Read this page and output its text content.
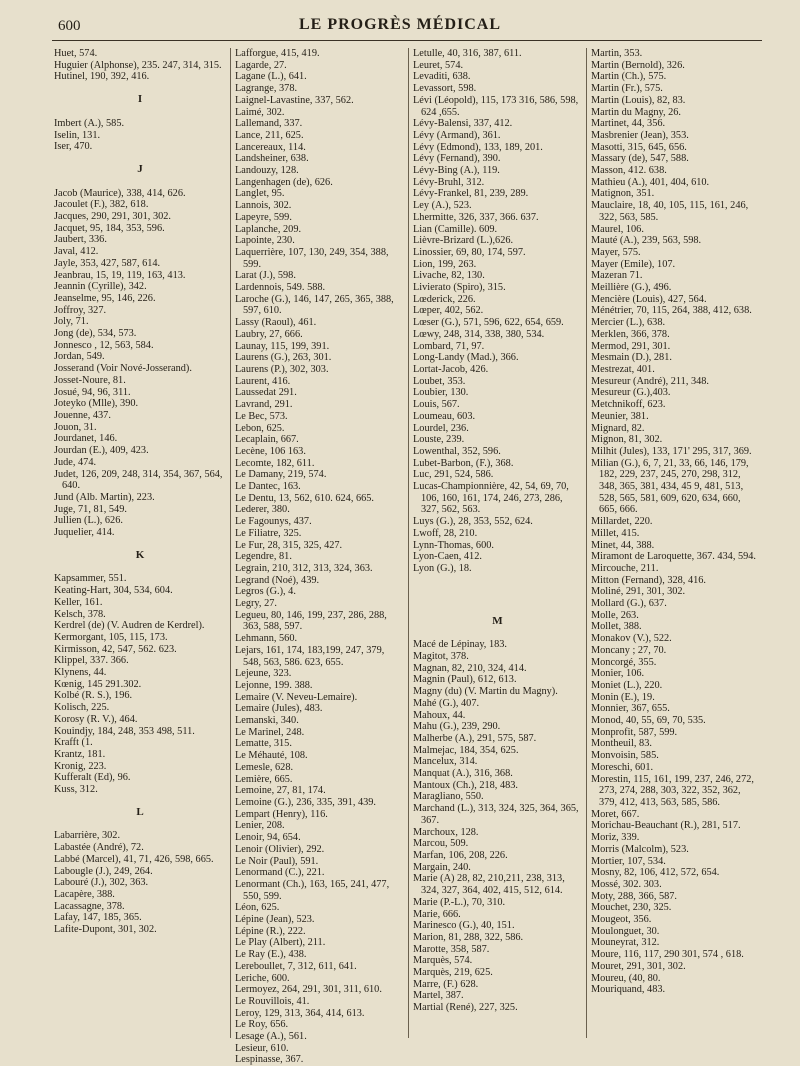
600	LE PROGRÈS MÉDICAL
Huet, 574.
Huguier (Alphonse), 235. 247, 314, 315.
Hutinel, 190, 392, 416.
I
Imbert (A.), 585.
Iselin, 131.
Iser, 470.
J
Jacob (Maurice), 338, 414, 626.
Jacoulet (F.), 382, 618.
Jacques, 290, 291, 301, 302.
Jacquet, 95, 184, 353, 596.
Jaubert, 336.
Javal, 412.
Jayle, 353, 427, 587, 614.
Jeanbrau, 15, 19, 119, 163, 413.
Jeannin (Cyrille), 342.
Jeanselme, 95, 146, 226.
Joffroy, 327.
Joly, 71.
Jong (de), 534, 573.
Jonnesco , 12, 563, 584.
Jordan, 549.
Josserand (Voir Nové-Josserand).
Josset-Noure, 81.
Josué, 94, 96, 311.
Joteyko (Mlle), 390.
Jouenne, 437.
Jouon, 31.
Jourdanet, 146.
Jourdan (E.), 409, 423.
Jude, 474.
Judet, 126, 209, 248, 314, 354, 367, 564, 640.
Jund (Alb. Martin), 223.
Juge, 71, 81, 549.
Jullien (L.), 626.
Juquelier, 414.
K
Kapsammer, 551.
Keating-Hart, 304, 534, 604.
Keller, 161.
Kelsch, 378.
Kerdrel (de) (V. Audren de Kerdrel).
Kermorgant, 105, 115, 173.
Kirmisson, 42, 547, 562. 623.
Klippel, 337. 366.
Klynens, 44.
Kœnig, 145 291.302.
Kolbé (R. S.), 196.
Kolisch, 225.
Korosy (R. V.), 464.
Kouindjy, 184, 248, 353 498, 511.
Krafft (1.
Krantz, 181.
Kronig, 223.
Kufferalt (Ed), 96.
Kuss, 312.
L
Labarrière, 302.
Labastée (André), 72.
Labbé (Marcel), 41, 71, 426, 598, 665.
Labougle (J.), 249, 264.
Labouré (J.), 302, 363.
Lacapère, 388.
Lacassagne, 378.
Lafay, 147, 185, 365.
Lafite-Dupont, 301, 302.
Lafforgue, 415, 419.
Lagarde, 27.
Lagane (L.), 641.
Lagrange, 378.
Laignel-Lavastine, 337, 562.
Laimé, 302.
Lallemand, 337.
Lance, 211, 625.
Lancereaux, 114.
Landsheiner, 638.
Landouzy, 128.
Langenhagen (de), 626.
Langlet, 95.
Lannois, 302.
Lapeyre, 599.
Laplanche, 209.
Lapointe, 230.
Laquerrière, 107, 130, 249, 354, 388, 599.
Larat (J.), 598.
Lardennois, 549. 588.
Laroche (G.), 146, 147, 265, 365, 388, 597, 610.
Lassy (Raoul), 461.
Laubry, 27, 666.
Launay, 115, 199, 391.
Laurens (G.), 263, 301.
Laurens (P.), 302, 303.
Laurent, 416.
Laussedat 291.
Lavrand, 291.
Le Bec, 573.
Lebon, 625.
Lecaplain, 667.
Lecène, 106 163.
Lecomte, 182, 611.
Le Damany, 219, 574.
Le Dantec, 163.
Le Dentu, 13, 562, 610. 624, 665.
Lederer, 380.
Le Fagounys, 437.
Le Filiatre, 325.
Le Fur, 28, 315, 325, 427.
Legendre, 81.
Legrain, 210, 312, 313, 324, 363.
Legrand (Noé), 439.
Legros (G.), 4.
Legry, 27.
Legueu, 80, 146, 199, 237, 286, 288, 363, 588, 597.
Lehmann, 560.
Lejars, 161, 174, 183,199, 247, 379, 548, 563, 586. 623, 655.
Lejeune, 323.
Lejonne, 199. 388.
Lemaire (V. Neveu-Lemaire).
Lemaire (Jules), 483.
Lemanski, 340.
Le Marinel, 248.
Lematte, 315.
Le Méhauté, 108.
Lemesle, 628.
Lemière, 665.
Lemoine, 27, 81, 174.
Lemoine (G.), 236, 335, 391, 439.
Lempart (Henry), 116.
Lenier, 208.
Lenoir, 94, 654.
Lenoir (Olivier), 292.
Le Noir (Paul), 591.
Lenormand (C.), 221.
Lenormant (Ch.), 163, 165, 241, 477, 550, 599.
Léon, 625.
Lépine (Jean), 523.
Lépine (R.), 222.
Le Play (Albert), 211.
Le Ray (E.), 438.
Lereboullet, 7, 312, 611, 641.
Leriche, 600.
Lermoyez, 264, 291, 301, 311, 610.
Le Rouvillois, 41.
Leroy, 129, 313, 364, 414, 613.
Le Roy, 656.
Lesage (A.), 561.
Lesieur, 610.
Lespinasse, 367.
Letulle, 40, 316, 387, 611.
Leuret, 574.
Levaditi, 638.
Levassort, 598.
Lévi (Léopold), 115, 173 316, 586, 598, 624 ,655.
Lévy-Balensi, 337, 412.
Lévy (Armand), 361.
Lévy (Edmond), 133, 189, 201.
Lévy (Fernand), 390.
Lévy-Bing (A.), 119.
Lévy-Bruhl, 312.
Lévy-Frankel, 81, 239, 289.
Ley (A.), 523.
Lhermitte, 326, 337, 366. 637.
Lian (Camille). 609.
Lièvre-Brizard (L.),626.
Linossier, 69, 80, 174, 597.
Lion, 199, 263.
Livache, 82, 130.
Livierato (Spiro), 315.
Lœderick, 226.
Lœper, 402, 562.
Lœser (G.), 571, 596, 622, 654, 659.
Lœwy, 248, 314, 338, 380, 534.
Lombard, 71, 97.
Long-Landy (Mad.), 366.
Lortat-Jacob, 426.
Loubet, 353.
Loubier, 130.
Louis, 567.
Loumeau, 603.
Lourdel, 236.
Louste, 239.
Lowenthal, 352, 596.
Lubet-Barbon, (F.), 368.
Luc, 291, 524, 586.
Lucas-Championnière, 42, 54, 69, 70, 106, 160, 161, 174, 246, 273, 286, 327, 562, 563.
Luys (G.), 28, 353, 552, 624.
Lwoff, 28, 210.
Lynn-Thomas, 600.
Lyon-Caen, 412.
Lyon (G.), 18.
M
Macé de Lépinay, 183.
Magitot, 378.
Magnan, 82, 210, 324, 414.
Magnin (Paul), 612, 613.
Magny (du) (V. Martin du Magny).
Mahé (G.), 407.
Mahoux, 44.
Mahu (G.), 239, 290.
Malherbe (A.), 291, 575, 587.
Malmejac, 184, 354, 625.
Mancelux, 314.
Manquat (A.), 316, 368.
Mantoux (Ch.), 218, 483.
Maragliano, 550.
Marchand (L.), 313, 324, 325, 364, 365, 367.
Marchoux, 128.
Marcou, 509.
Marfan, 106, 208, 226.
Margain, 240.
Marie (A) 28, 82, 210,211, 238, 313, 324, 327, 364, 402, 415, 512, 614.
Marie (P.-L.), 70, 310.
Marie, 666.
Marinesco (G.), 40, 151.
Marion, 81, 288, 322, 586.
Marotte, 358, 587.
Marquès, 574.
Marquès, 219, 625.
Marre, (F.) 628.
Martel, 387.
Martial (René), 227, 325.
Martin, 353.
Martin (Bernold), 326.
Martin (Ch.), 575.
Martin (Fr.), 575.
Martin (Louis), 82, 83.
Martin du Magny, 26.
Martinet, 44, 356.
Masbrenier (Jean), 353.
Masotti, 315, 645, 656.
Massary (de), 547, 588.
Masson, 412. 638.
Mathieu (A.), 401, 404, 610.
Matignon, 351.
Mauclaire, 18, 40, 105, 115, 161, 246, 322, 563, 585.
Maurel, 106.
Mauté (A.), 239, 563, 598.
Mayer, 575.
Mayer (Emile), 107.
Mazeran 71.
Meillière (G.), 496.
Mencière (Louis), 427, 564.
Ménétrier, 70, 115, 264, 388, 412, 638.
Mercier (L.), 638.
Merklen, 366, 378.
Mermod, 291, 301.
Mesmain (D.), 281.
Mestrezat, 401.
Mesureur (André), 211, 348.
Mesureur (G.),403.
Metchnikoff, 623.
Meunier, 381.
Mignard, 82.
Mignon, 81, 302.
Milhit (Jules), 133, 171' 295, 317, 369.
Milian (G.), 6, 7, 21, 33, 66, 146, 179, 182, 229, 237, 245, 270, 298, 312, 348, 365, 381, 434, 45 9, 481, 513, 528, 565, 581, 609, 620, 634, 660, 665, 666.
Millardet, 220.
Millet, 415.
Minet, 44, 388.
Miramont de Laroquette, 367. 434, 594.
Mircouche, 211.
Mitton (Fernand), 328, 416.
Moliné, 291, 301, 302.
Mollard (G.), 637.
Molle, 263.
Mollet, 388.
Monakov (V.), 522.
Moncany ; 27, 70.
Moncorgé, 355.
Monier, 106.
Moniet (L.), 220.
Monin (E.), 19.
Monnier, 367, 655.
Monod, 40, 55, 69, 70, 535.
Monprofit, 587, 599.
Montheuil, 83.
Monvoisin, 585.
Moreschi, 601.
Morestin, 115, 161, 199, 237, 246, 272, 273, 274, 288, 303, 322, 352, 362, 379, 412, 413, 563, 585, 586.
Moret, 667.
Morichau-Beauchant (R.), 281, 517.
Moriz, 339.
Morris (Malcolm), 523.
Mortier, 107, 534.
Mosny, 82, 106, 412, 572, 654.
Mossé, 302. 303.
Moty, 288, 366, 587.
Mouchet, 230, 325.
Mougeot, 356.
Moulonguet, 30.
Mouneyrat, 312.
Moure, 116, 117, 290 301, 574 , 618.
Mouret, 291, 301, 302.
Moureu, (40, 80.
Mouriquand, 483.
